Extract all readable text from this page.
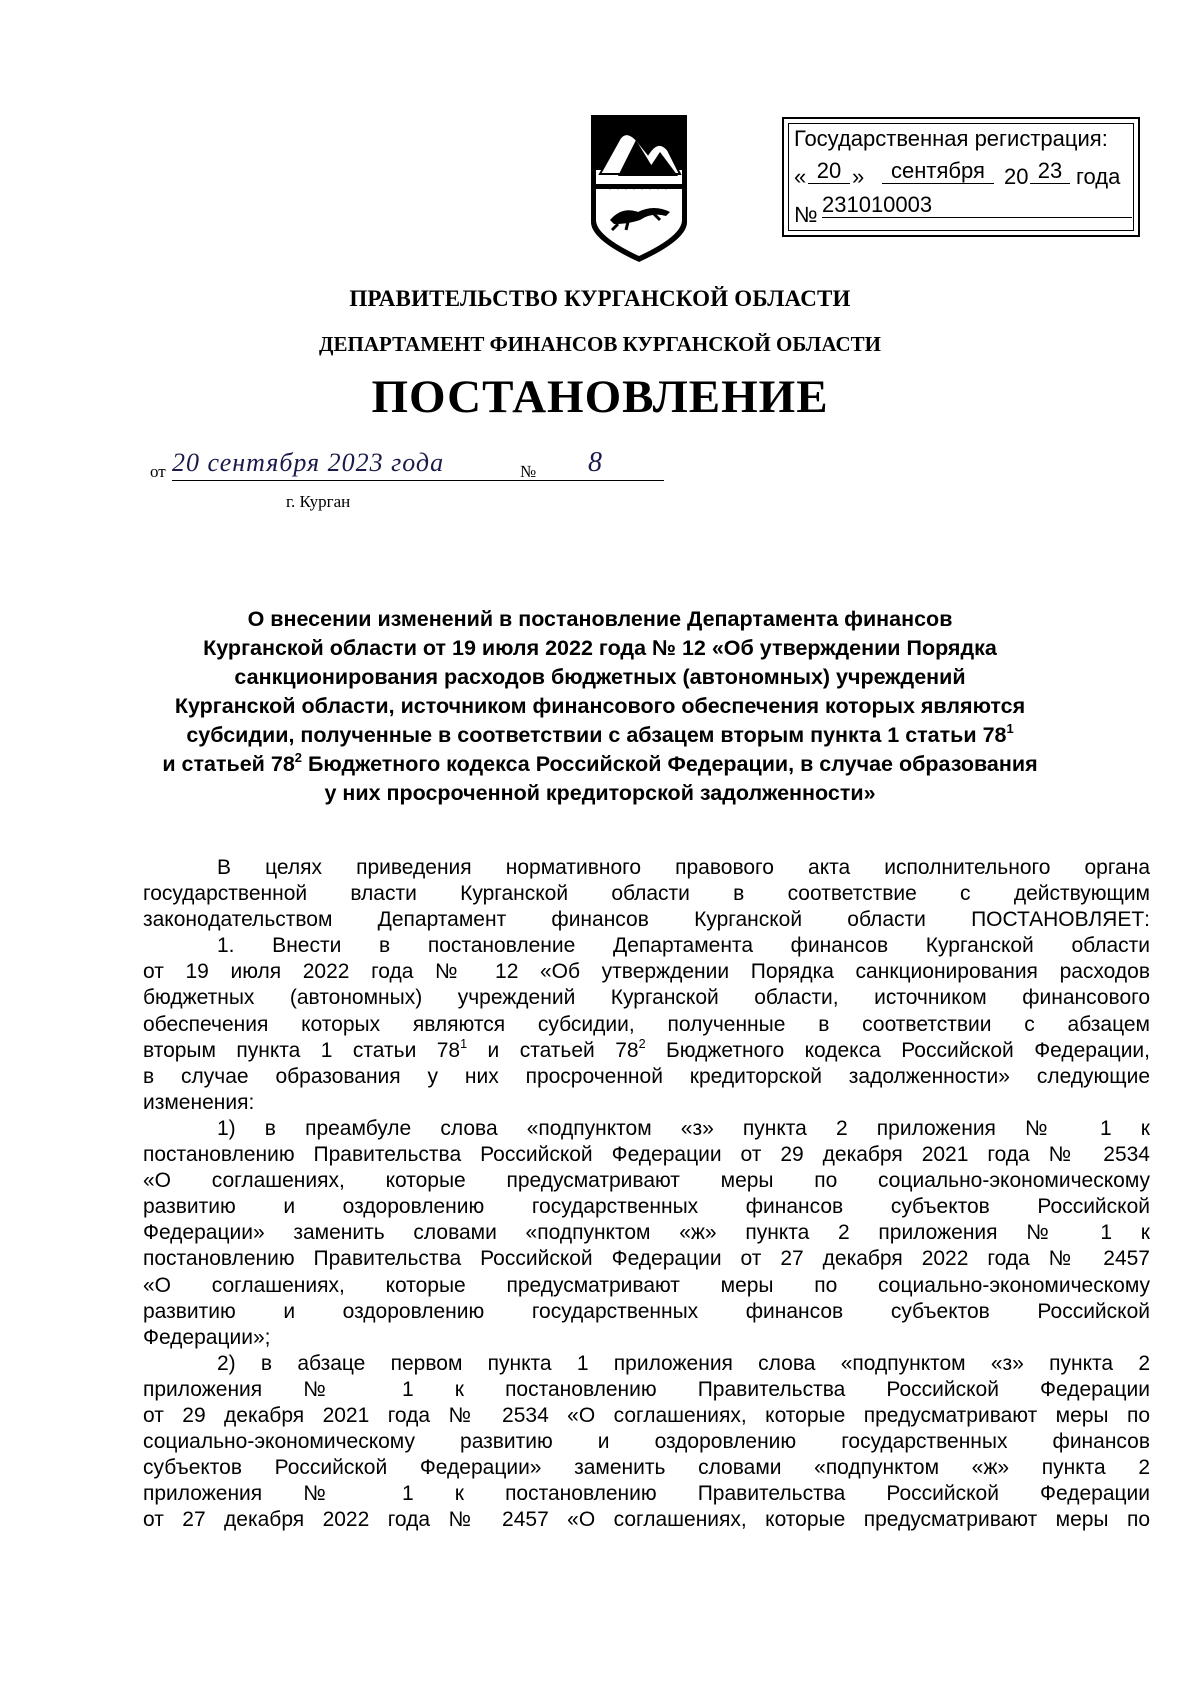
Государственная регистрация:
« 20 »	сентября 20 23 года
№ 231010003
ПРАВИТЕЛЬСТВО КУРГАНСКОЙ ОБЛАСТИ
ДЕПАРТАМЕНТ ФИНАНСОВ КУРГАНСКОЙ ОБЛАСТИ
ПОСТАНОВЛЕНИЕ
от 20 сентября 2023 года	№	8
г. Курган
О внесении изменений в постановление Департамента финансов
Курганской области от 19 июля 2022 года № 12 «Об утверждении Порядка
санкционирования расходов бюджетных (автономных) учреждений
Курганской области, источником финансового обеспечения которых являются
субсидии, полученные в соответствии с абзацем вторым пункта 1 статьи $78^1$
и статьей $78^2$ Бюджетного кодекса Российской Федерации, в случае образования
у них просроченной кредиторской задолженности»
В целях приведения нормативного правового акта исполнительного органа
государственной власти Курганской области в соответствие с действующим
законодательством Департамент финансов Курганской области ПОСТАНОВЛЯЕТ:
1. Внести в постановление Департамента финансов Курганской области
от 19 июля 2022 года № 12 «Об утверждении Порядка санкционирования расходов
бюджетных (автономных) учреждений Курганской области, источником финансового
обеспечения которых являются субсидии, полученные в соответствии с абзацем
вторым пункта 1 статьи $78^1$ и статьей $78^2$ Бюджетного кодекса Российской Федерации,
в случае образования у них просроченной кредиторской задолженности» следующие
изменения:
1) в преамбуле слова «подпунктом «з» пункта 2 приложения № 1 к
постановлению Правительства Российской Федерации от 29 декабря 2021 года № 2534
«О соглашениях, которые предусматривают меры по социально-экономическому
развитию и оздоровлению государственных финансов субъектов Российской
Федерации» заменить словами «подпунктом «ж» пункта 2 приложения № 1 к
постановлению Правительства Российской Федерации от 27 декабря 2022 года № 2457
«О соглашениях, которые предусматривают меры по социально-экономическому
развитию и оздоровлению государственных финансов субъектов Российской
Федерации»;
2) в абзаце первом пункта 1 приложения слова «подпунктом «з» пункта 2
приложения № 1 к постановлению Правительства Российской Федерации
от 29 декабря 2021 года № 2534 «О соглашениях, которые предусматривают меры по
социально-экономическому развитию и оздоровлению государственных финансов
субъектов Российской Федерации» заменить словами «подпунктом «ж» пункта 2
приложения № 1 к постановлению Правительства Российской Федерации
от 27 декабря 2022 года № 2457 «О соглашениях, которые предусматривают меры по
